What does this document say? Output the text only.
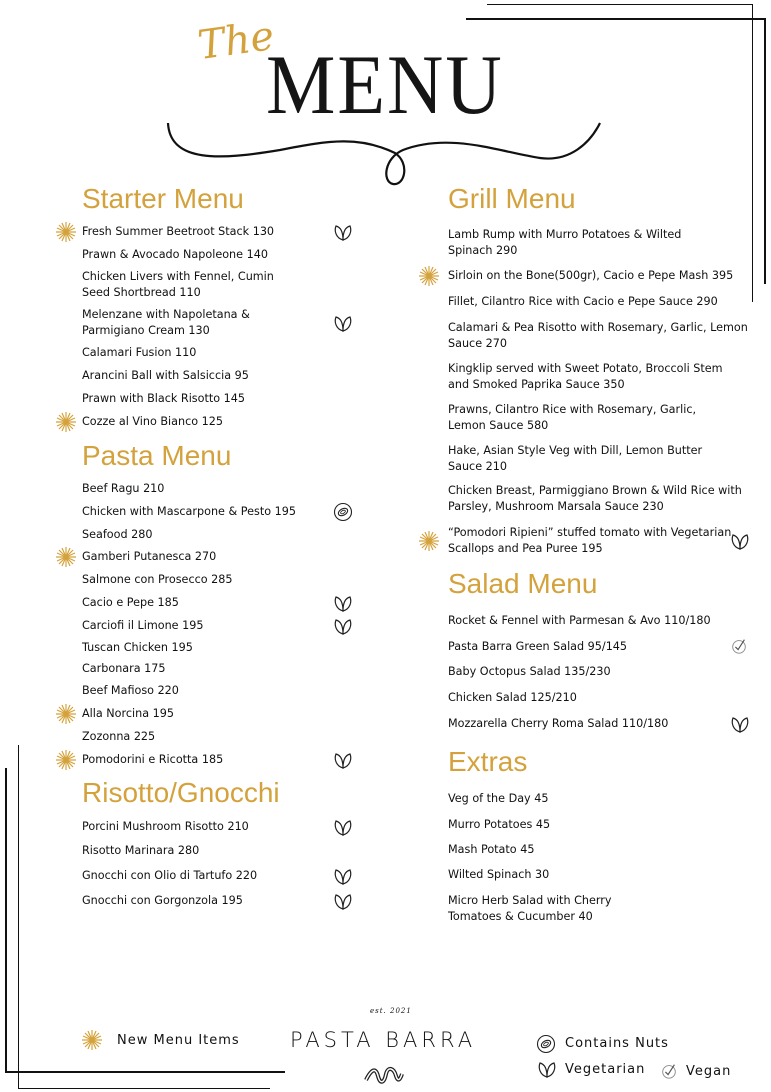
The
MENU
Starter Menu
Fresh Summer Beetroot Stack 130
Prawn & Avocado Napoleone 140
Chicken Livers with Fennel, Cumin
Seed Shortbread 110
Melenzane with Napoletana &
Parmigiano Cream 130
Calamari Fusion 110
Arancini Ball with Salsiccia 95
Prawn with Black Risotto 145
Cozze al Vino Bianco 125
Pasta Menu
Beef Ragu 210
Chicken with Mascarpone & Pesto 195
Seafood 280
Gamberi Putanesca 270
Salmone con Prosecco 285
Cacio e Pepe 185
Carciofi il Limone 195
Tuscan Chicken 195
Carbonara 175
Beef Mafioso 220
Alla Norcina 195
Zozonna 225
Pomodorini e Ricotta 185
Risotto/Gnocchi
Porcini Mushroom Risotto 210
Risotto Marinara 280
Gnocchi con Olio di Tartufo 220
Gnocchi con Gorgonzola 195
Grill Menu
Lamb Rump with Murro Potatoes & Wilted
Spinach 290
Sirloin on the Bone(500gr), Cacio e Pepe Mash 395
Fillet, Cilantro Rice with Cacio e Pepe Sauce 290
Calamari & Pea Risotto with Rosemary, Garlic, Lemon
Sauce 270
Kingklip served with Sweet Potato, Broccoli Stem
and Smoked Paprika Sauce 350
Prawns, Cilantro Rice with Rosemary, Garlic,
Lemon Sauce 580
Hake, Asian Style Veg with Dill, Lemon Butter
Sauce 210
Chicken Breast, Parmiggiano Brown & Wild Rice with
Parsley, Mushroom Marsala Sauce 230
“Pomodori Ripieni” stuffed tomato with Vegetarian
Scallops and Pea Puree 195
Salad Menu
Rocket & Fennel with Parmesan & Avo 110/180
Pasta Barra Green Salad 95/145
Baby Octopus Salad 135/230
Chicken Salad 125/210
Mozzarella Cherry Roma Salad 110/180
Extras
Veg of the Day 45
Murro Potatoes 45
Mash Potato 45
Wilted Spinach 30
Micro Herb Salad with Cherry
Tomatoes & Cucumber 40
New Menu Items
est. 2021
PASTA BARRA	Contains Nuts
Vegetarian	Vegan
